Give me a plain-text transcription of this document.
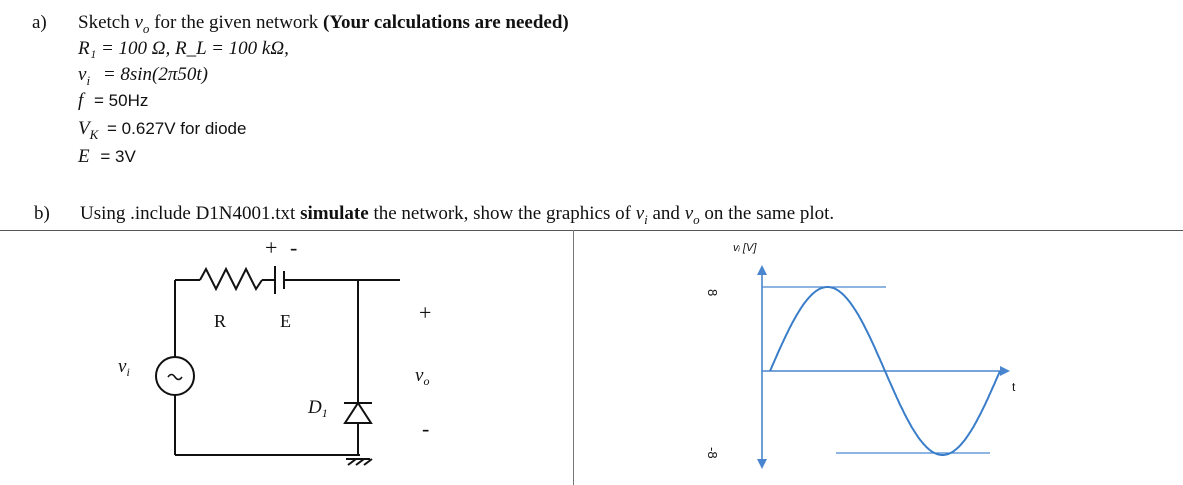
a) Sketch $v_o$ for the given network (Your calculations are needed)
R₁ = 100 Ω, R_L = 100 kΩ,
$v_i = 8\sin(2\pi 50t)$
f = 50Hz
$V_K = 0.627V$ for diode
E = 3V
b) Using .include D1N4001.txt simulate the network, show the graphics of $v_i$ and $v_o$ on the same plot.
+ -
R	E
$v_i$
+
$v_o$
-
$D_1$
vᵢ [V]
8
-8
t
